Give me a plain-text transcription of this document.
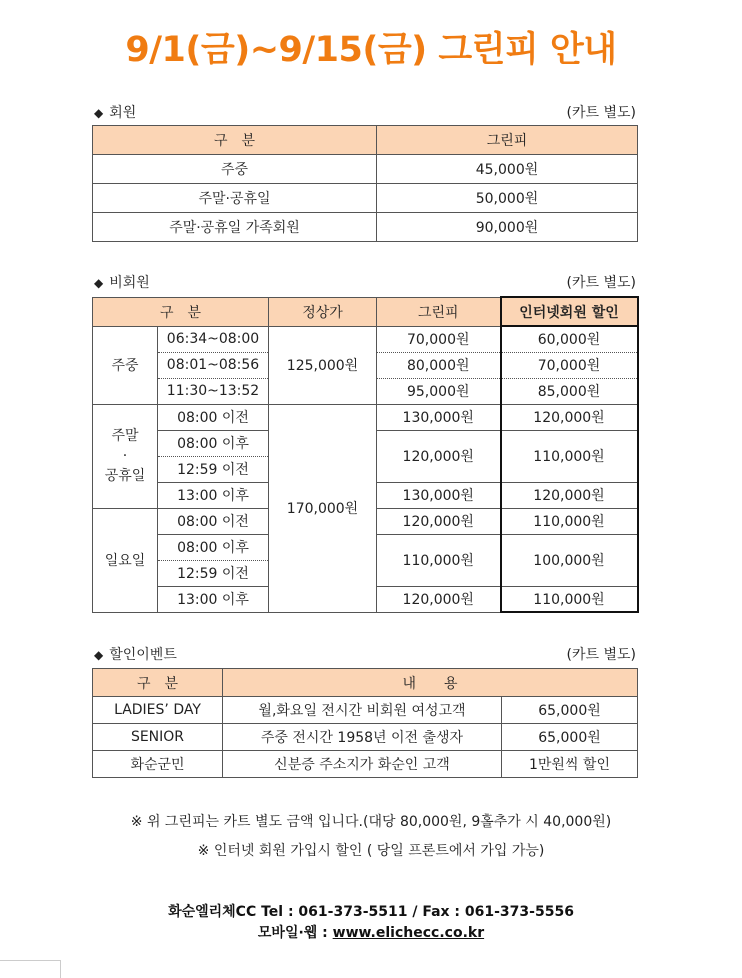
9/1(금)~9/15(금) 그린피 안내
◆ 회원	(카트 별도)
구　분	그린피
주중	45,000원
주말·공휴일	50,000원
주말·공휴일 가족회원	90,000원
◆ 비회원	(카트 별도)
구　분		정상가	그린피	인터넷회원 할인
주중	06:34~08:00	125,000원	70,000원	60,000원
	08:01~08:56		80,000원	70,000원
	11:30~13:52		95,000원	85,000원
주말
·
공휴일	08:00 이전	170,000원	130,000원	120,000원
	08:00 이후		120,000원	110,000원
	12:59 이전			
	13:00 이후		130,000원	120,000원
일요일	08:00 이전		120,000원	110,000원
	08:00 이후		110,000원	100,000원
	12:59 이전			
	13:00 이후		120,000원	110,000원
◆ 할인이벤트	(카트 별도)
구　분	내　　용	
LADIES’ DAY	월,화요일 전시간 비회원 여성고객	65,000원
SENIOR	주중 전시간 1958년 이전 출생자	65,000원
화순군민	신분증 주소지가 화순인 고객	1만원씩 할인
※ 위 그린피는 카트 별도 금액 입니다.(대당 80,000원, 9홀추가 시 40,000원)
※ 인터넷 회원 가입시 할인 ( 당일 프론트에서 가입 가능)
화순엘리체CC Tel : 061-373-5511 / Fax : 061-373-5556
모바일·웹 : www.elichecc.co.kr
